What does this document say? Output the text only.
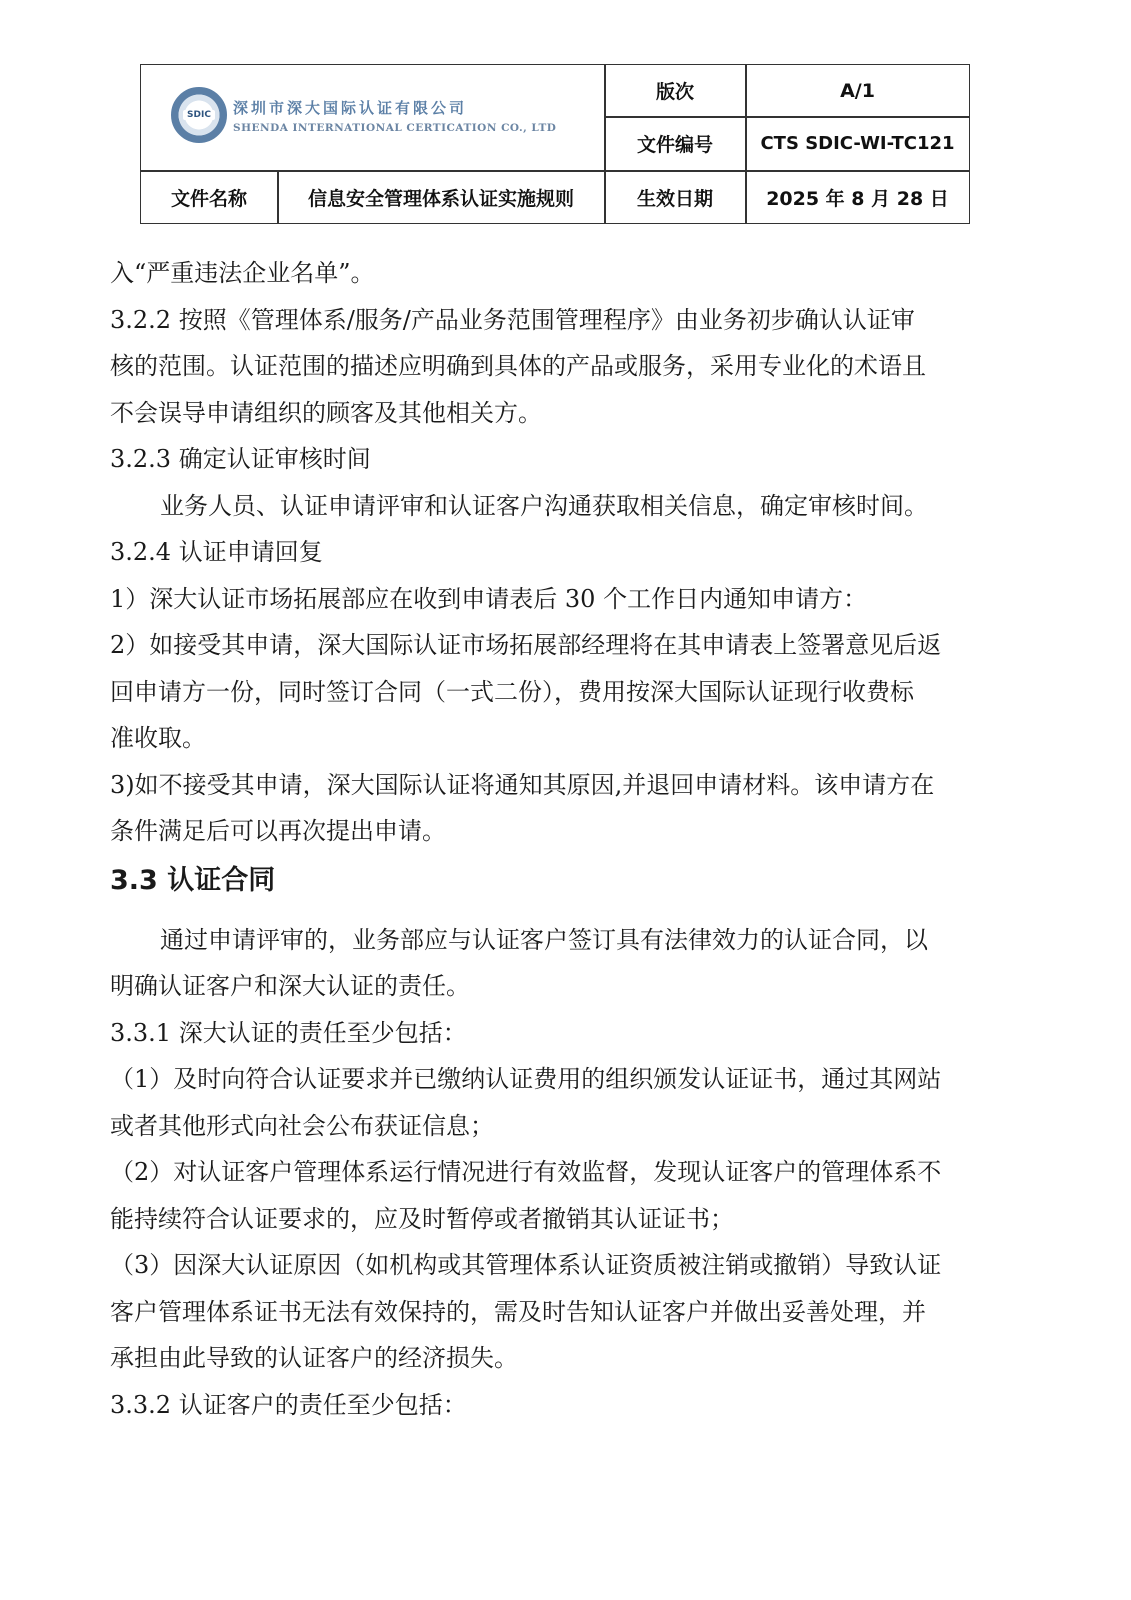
SDIC 深圳市深大国际认证有限公司
SHENDA INTERNATIONAL CERTICATION CO., LTD
版次	A/1
文件编号	CTS SDIC-WI-TC121
文件名称	信息安全管理体系认证实施规则	生效日期	2025 年 8 月 28 日

入“严重违法企业名单”。

3.2.2 按照《管理体系/服务/产品业务范围管理程序》由业务初步确认认证审

核的范围。认证范围的描述应明确到具体的产品或服务，采用专业化的术语且

不会误导申请组织的顾客及其他相关方。

3.2.3 确定认证审核时间

业务人员、认证申请评审和认证客户沟通获取相关信息，确定审核时间。

3.2.4 认证申请回复

1）深大认证市场拓展部应在收到申请表后 30 个工作日内通知申请方：

2）如接受其申请，深大国际认证市场拓展部经理将在其申请表上签署意见后返

回申请方一份，同时签订合同（一式二份），费用按深大国际认证现行收费标

准收取。

3)如不接受其申请，深大国际认证将通知其原因,并退回申请材料。该申请方在

条件满足后可以再次提出申请。

3.3 认证合同

通过申请评审的，业务部应与认证客户签订具有法律效力的认证合同，以

明确认证客户和深大认证的责任。

3.3.1 深大认证的责任至少包括：

（1）及时向符合认证要求并已缴纳认证费用的组织颁发认证证书，通过其网站

或者其他形式向社会公布获证信息；

（2）对认证客户管理体系运行情况进行有效监督，发现认证客户的管理体系不

能持续符合认证要求的，应及时暂停或者撤销其认证证书；

（3）因深大认证原因（如机构或其管理体系认证资质被注销或撤销）导致认证

客户管理体系证书无法有效保持的，需及时告知认证客户并做出妥善处理，并

承担由此导致的认证客户的经济损失。

3.3.2 认证客户的责任至少包括：
